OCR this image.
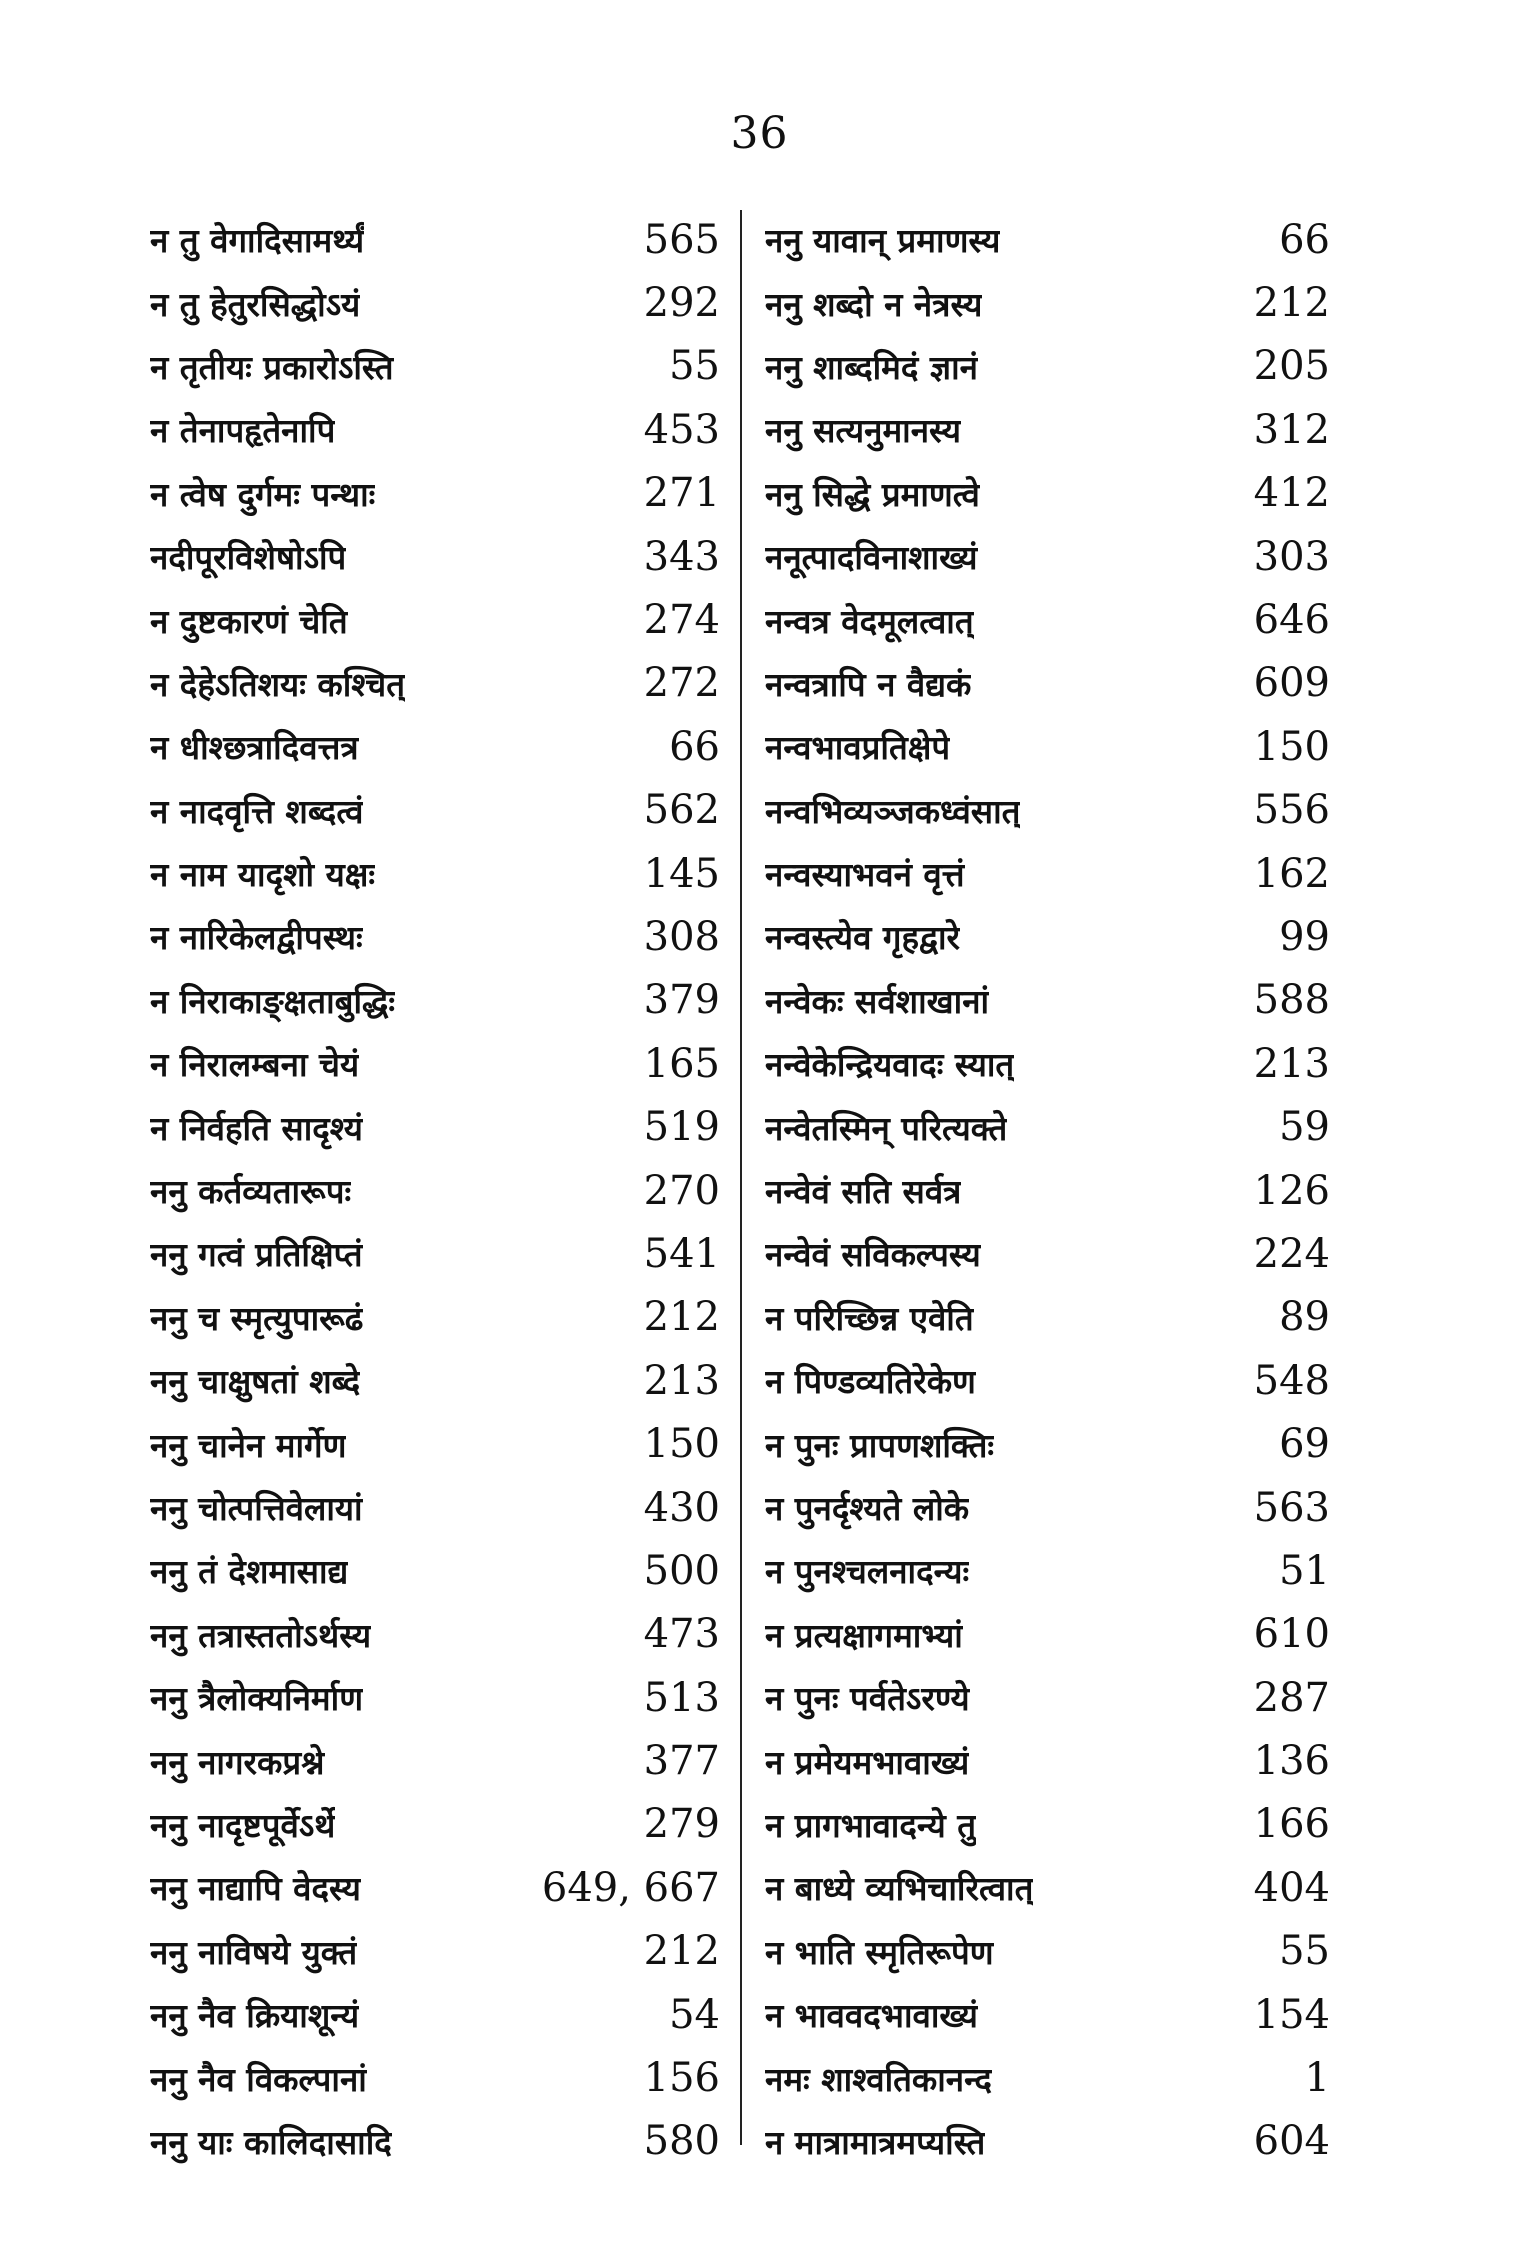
36
न तु वेगादिसामर्थ्यं	565
न तु हेतुरसिद्धोऽयं	292
न तृतीयः प्रकारोऽस्ति	55
न तेनापहृतेनापि	453
न त्वेष दुर्गमः पन्थाः	271
नदीपूरविशेषोऽपि	343
न दुष्टकारणं चेति	274
न देहेऽतिशयः कश्चित्	272
न धीश्छत्रादिवत्तत्र	66
न नादवृत्ति शब्दत्वं	562
न नाम यादृशो यक्षः	145
न नारिकेलद्वीपस्थः	308
न निराकाङ्क्षताबुद्धिः	379
न निरालम्बना चेयं	165
न निर्वहति सादृश्यं	519
ननु कर्तव्यतारूपः	270
ननु गत्वं प्रतिक्षिप्तं	541
ननु च स्मृत्युपारूढं	212
ननु चाक्षुषतां शब्दे	213
ननु चानेन मार्गेण	150
ननु चोत्पत्तिवेलायां	430
ननु तं देशमासाद्य	500
ननु तत्रास्ततोऽर्थस्य	473
ननु त्रैलोक्यनिर्माण	513
ननु नागरकप्रश्ने	377
ननु नादृष्टपूर्वेऽर्थे	279
ननु नाद्यापि वेदस्य	649, 667
ननु नाविषये युक्तं	212
ननु नैव क्रियाशून्यं	54
ननु नैव विकल्पानां	156
ननु याः कालिदासादि	580
ननु यावान् प्रमाणस्य	66
ननु शब्दो न नेत्रस्य	212
ननु शाब्दमिदं ज्ञानं	205
ननु सत्यनुमानस्य	312
ननु सिद्धे प्रमाणत्वे	412
ननूत्पादविनाशाख्यं	303
नन्वत्र वेदमूलत्वात्	646
नन्वत्रापि न वैद्यकं	609
नन्वभावप्रतिक्षेपे	150
नन्वभिव्यञ्जकध्वंसात्	556
नन्वस्याभवनं वृत्तं	162
नन्वस्त्येव गृहद्वारे	99
नन्वेकः सर्वशाखानां	588
नन्वेकेन्द्रियवादः स्यात्	213
नन्वेतस्मिन् परित्यक्ते	59
नन्वेवं सति सर्वत्र	126
नन्वेवं सविकल्पस्य	224
न परिच्छिन्न एवेति	89
न पिण्डव्यतिरेकेण	548
न पुनः प्रापणशक्तिः	69
न पुनर्दृश्यते लोके	563
न पुनश्चलनादन्यः	51
न प्रत्यक्षागमाभ्यां	610
न पुनः पर्वतेऽरण्ये	287
न प्रमेयमभावाख्यं	136
न प्रागभावादन्ये तु	166
न बाध्ये व्यभिचारित्वात्	404
न भाति स्मृतिरूपेण	55
न भाववदभावाख्यं	154
नमः शाश्वतिकानन्द	1
न मात्रामात्रमप्यस्ति	604
